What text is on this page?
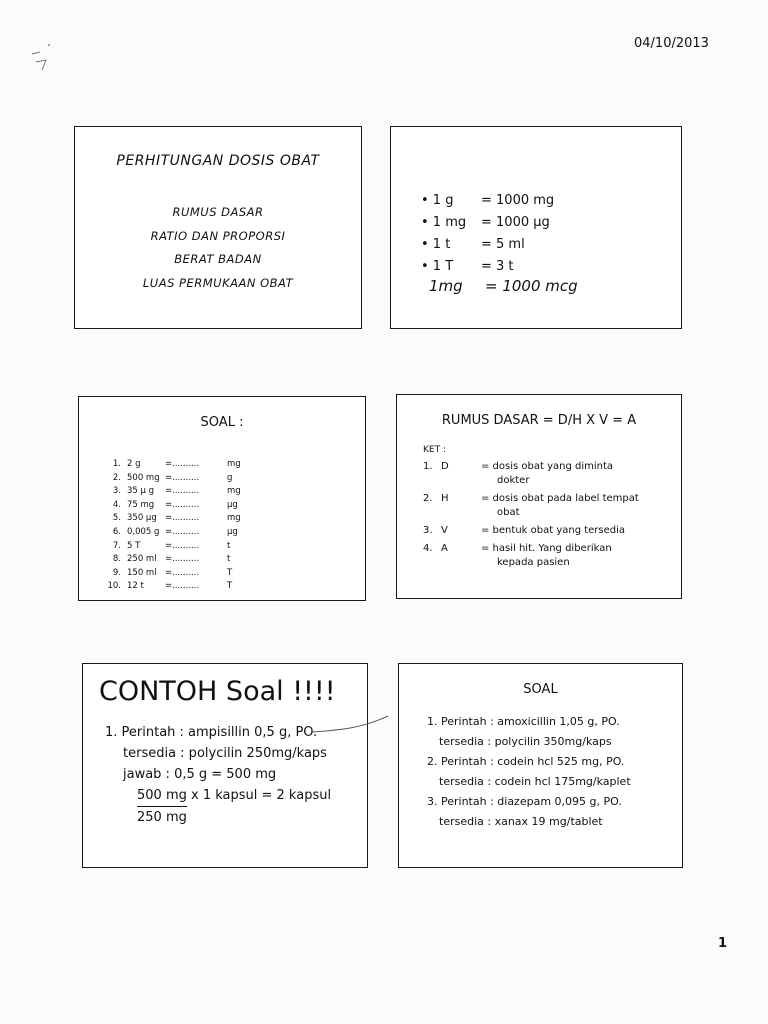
04/10/2013
PERHITUNGAN DOSIS OBAT
RUMUS DASAR
RATIO DAN PROPORSI
BERAT BADAN
LUAS PERMUKAAN OBAT
• 1 g = 1000 mg
• 1 mg = 1000 µg
• 1 t = 5 ml
• 1 T = 3 t
1mg = 1000 mcg
SOAL :
1. 2 g	=..........	mg
2. 500 mg =..........	g
3. 35 µ g =..........	mg
4. 75 mg =..........	µg
5. 350 µg =..........	mg
6. 0,005 g =..........	µg
7. 5 T	=..........	t
8. 250 ml =..........	t
9. 150 ml =..........	T
10. 12 t =..........	T
RUMUS DASAR = D/H X V = A
KET :
1. D	= dosis obat yang diminta
dokter
2. H	= dosis obat pada label tempat
obat
3. V	= bentuk obat yang tersedia
4. A	= hasil hit. Yang diberikan
kepada pasien
CONTOH Soal !!!!
1. Perintah : ampisillin 0,5 g, PO.
tersedia : polycilin 250mg/kaps
jawab : 0,5 g = 500 mg
500 mg x 1 kapsul = 2 kapsul
250 mg
SOAL
1. Perintah : amoxicillin 1,05 g, PO.
tersedia : polycilin 350mg/kaps
2. Perintah : codein hcl 525 mg, PO.
tersedia : codein hcl 175mg/kaplet
3. Perintah : diazepam 0,095 g, PO.
tersedia : xanax 19 mg/tablet
1
